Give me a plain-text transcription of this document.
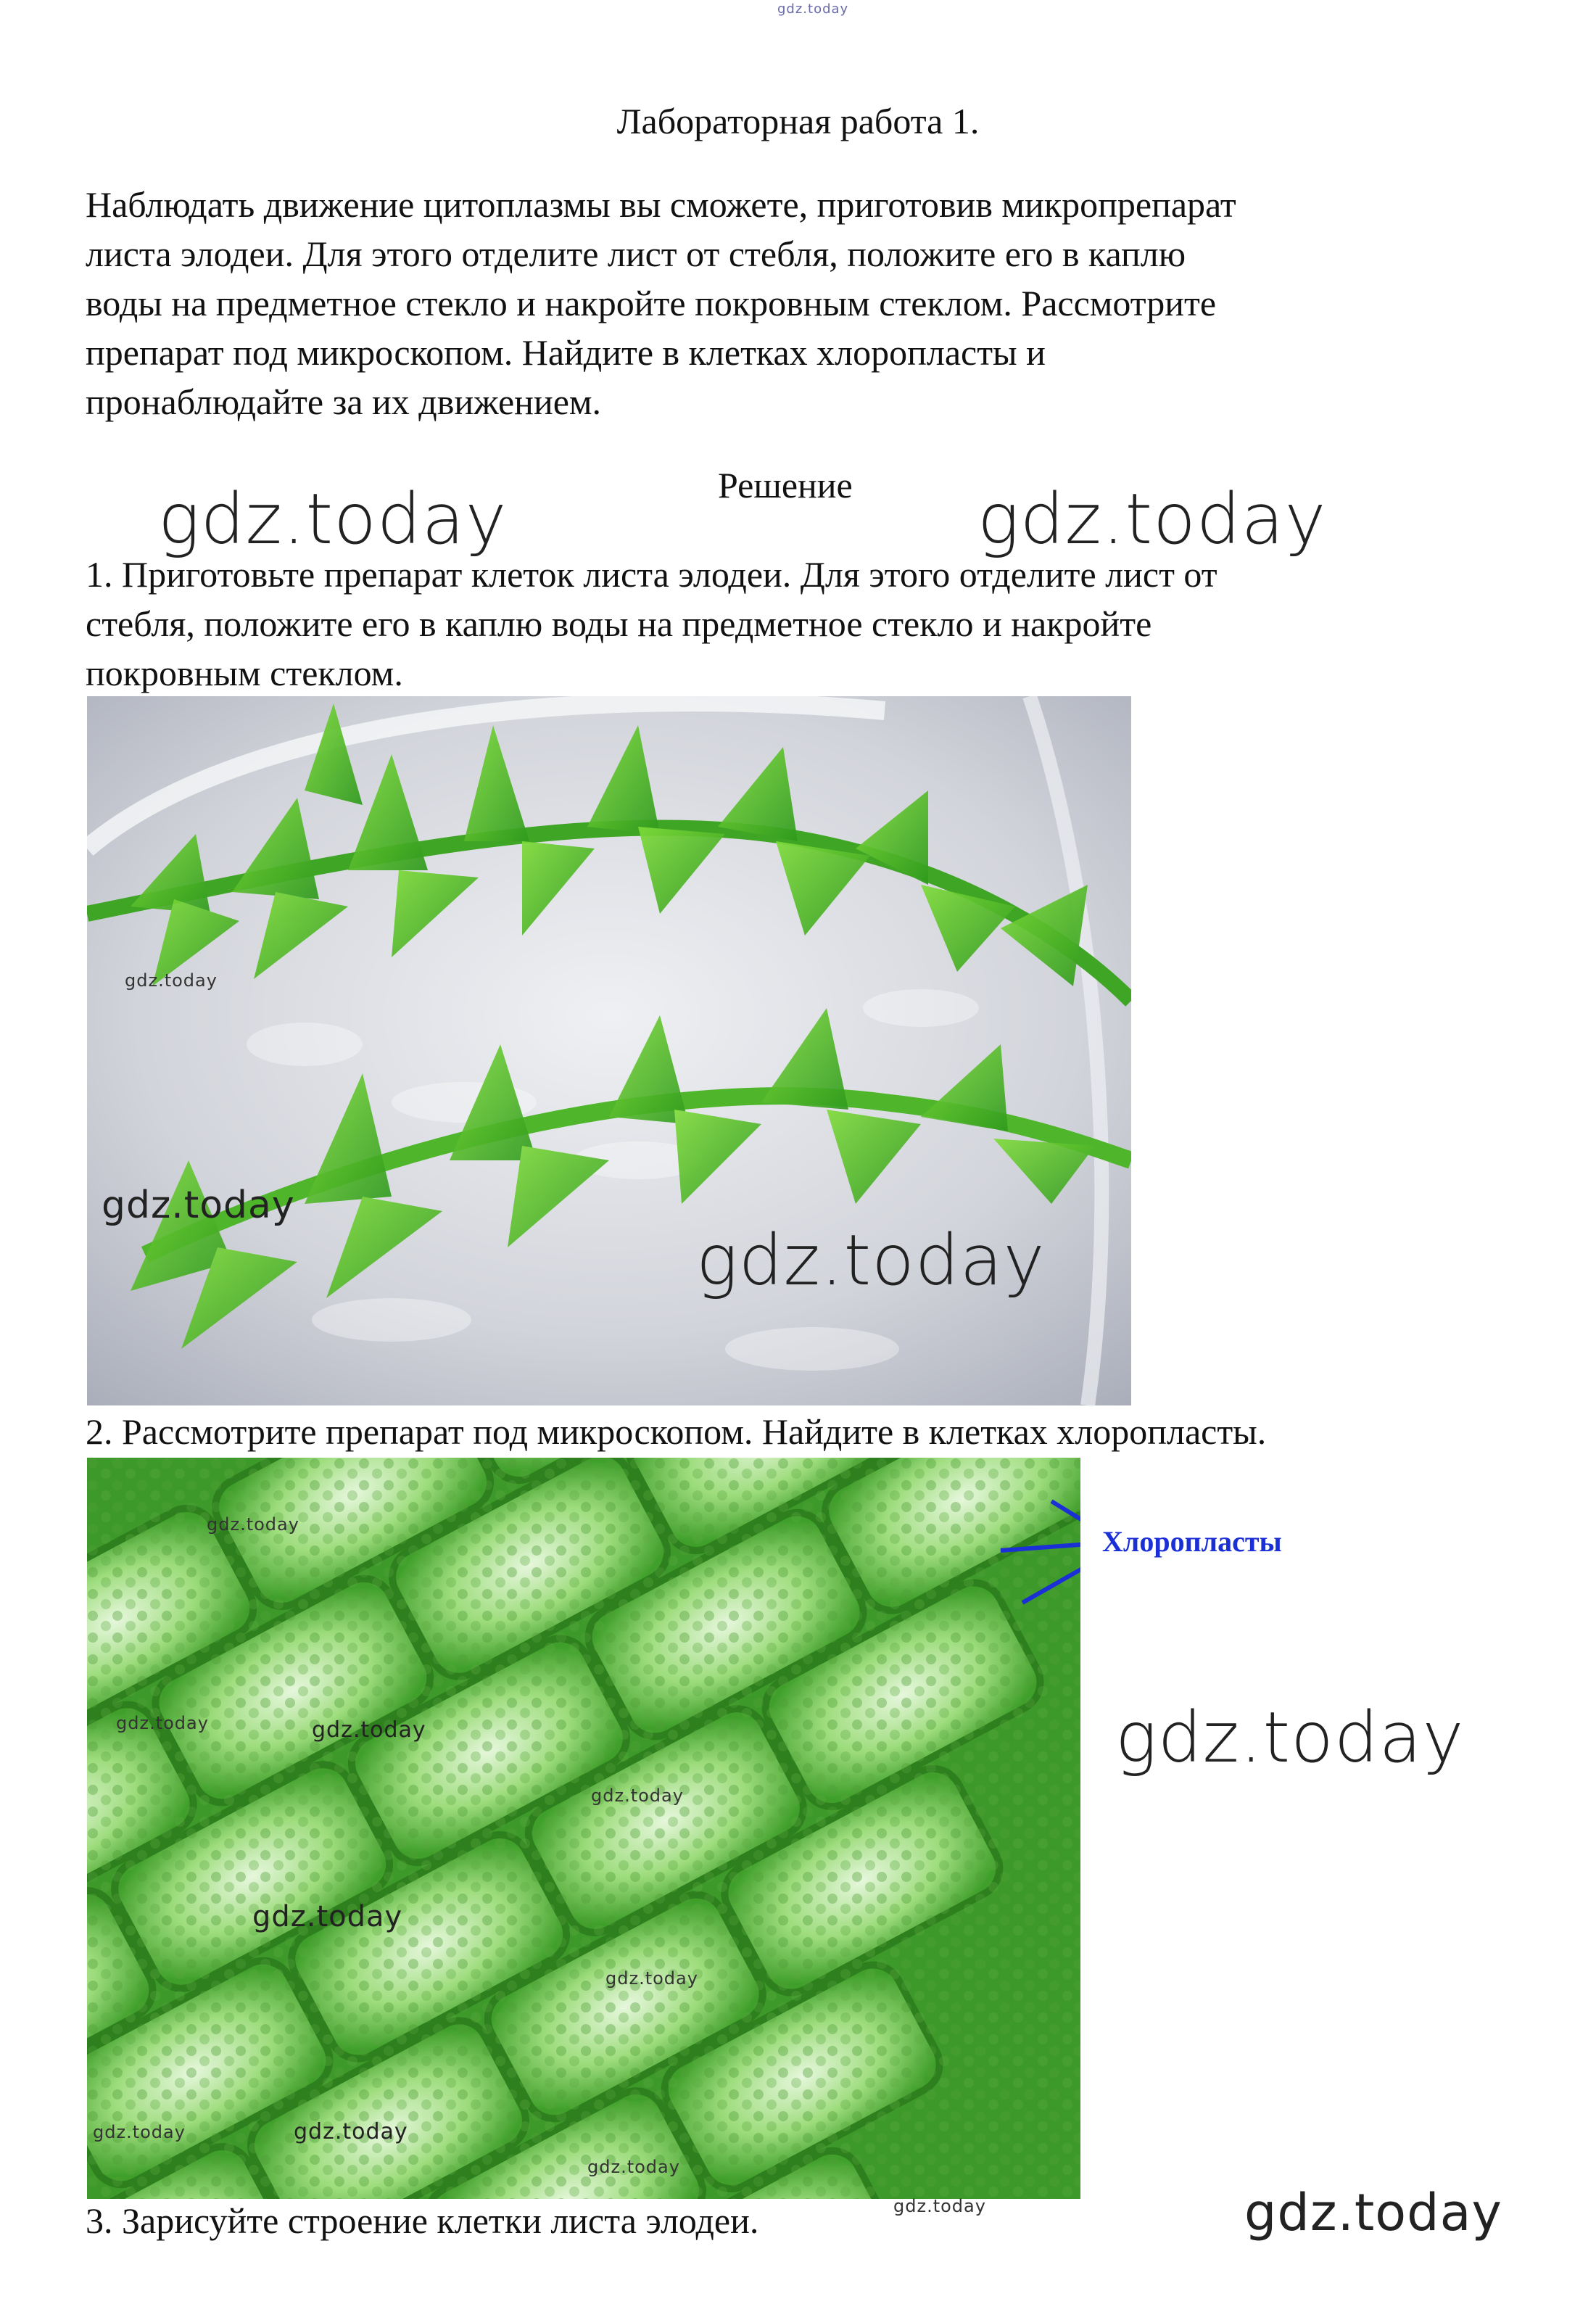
gdz.today
Лабораторная работа 1.
Наблюдать движение цитоплазмы вы сможете, приготовив микропрепарат
листа элодеи. Для этого отделите лист от стебля, положите его в каплю
воды на предметное стекло и накройте покровным стеклом. Рассмотрите
препарат под микроскопом. Найдите в клетках хлоропласты и
пронаблюдайте за их движением.
Решение
gdz.today	gdz.today
1. Приготовьте препарат клеток листа элодеи. Для этого отделите лист от
стебля, положите его в каплю воды на предметное стекло и накройте
покровным стеклом.
gdz.today
gdz.today
gdz.today
2. Рассмотрите препарат под микроскопом. Найдите в клетках хлоропласты.
gdz.today
gdz.today	gdz.today
gdz.today
gdz.today
gdz.today
gdz.today	gdz.today
gdz.today
Хлоропласты
gdz.today
3. Зарисуйте строение клетки листа элодеи.	gdz.today	gdz.today
